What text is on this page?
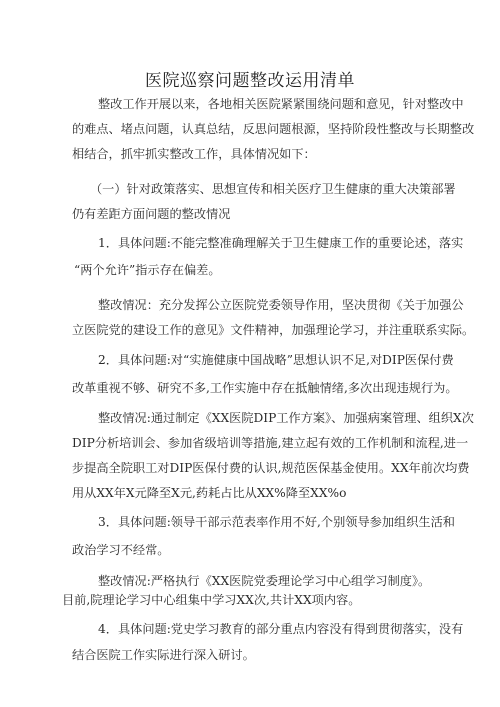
医院巡察问题整改运用清单
整改工作开展以来，各地相关医院紧紧围绕问题和意见，针对整改中
的难点、堵点问题，认真总结，反思问题根源，坚持阶段性整改与长期整改
相结合，抓牢抓实整改工作，具体情况如下：
（一）针对政策落实、思想宣传和相关医疗卫生健康的重大决策部署
仍有差距方面问题的整改情况
1．具体问题:不能完整准确理解关于卫生健康工作的重要论述，落实
“两个允许”指示存在偏差。
整改情况：充分发挥公立医院党委领导作用，坚决贯彻《关于加强公
立医院党的建设工作的意见》文件精神，加强理论学习，并注重联系实际。
2．具体问题:对“实施健康中国战略”思想认识不足,对DIP医保付费
改革重视不够、研究不多,工作实施中存在抵触情绪,多次出现违规行为。
整改情况:通过制定《XX医院DIP工作方案》、加强病案管理、组织X次
DIP分析培训会、参加省级培训等措施,建立起有效的工作机制和流程,进一
步提高全院职工对DIP医保付费的认识,规范医保基金使用。XX年前次均费
用从XX年X元降至X元,药耗占比从XX%降至XX%o
3．具体问题:领导干部示范表率作用不好,个别领导参加组织生活和
政治学习不经常。
整改情况:严格执行《XX医院党委理论学习中心组学习制度》。
目前,院理论学习中心组集中学习XX次,共计XX项内容。
4．具体问题:党史学习教育的部分重点内容没有得到贯彻落实，没有
结合医院工作实际进行深入研讨。
